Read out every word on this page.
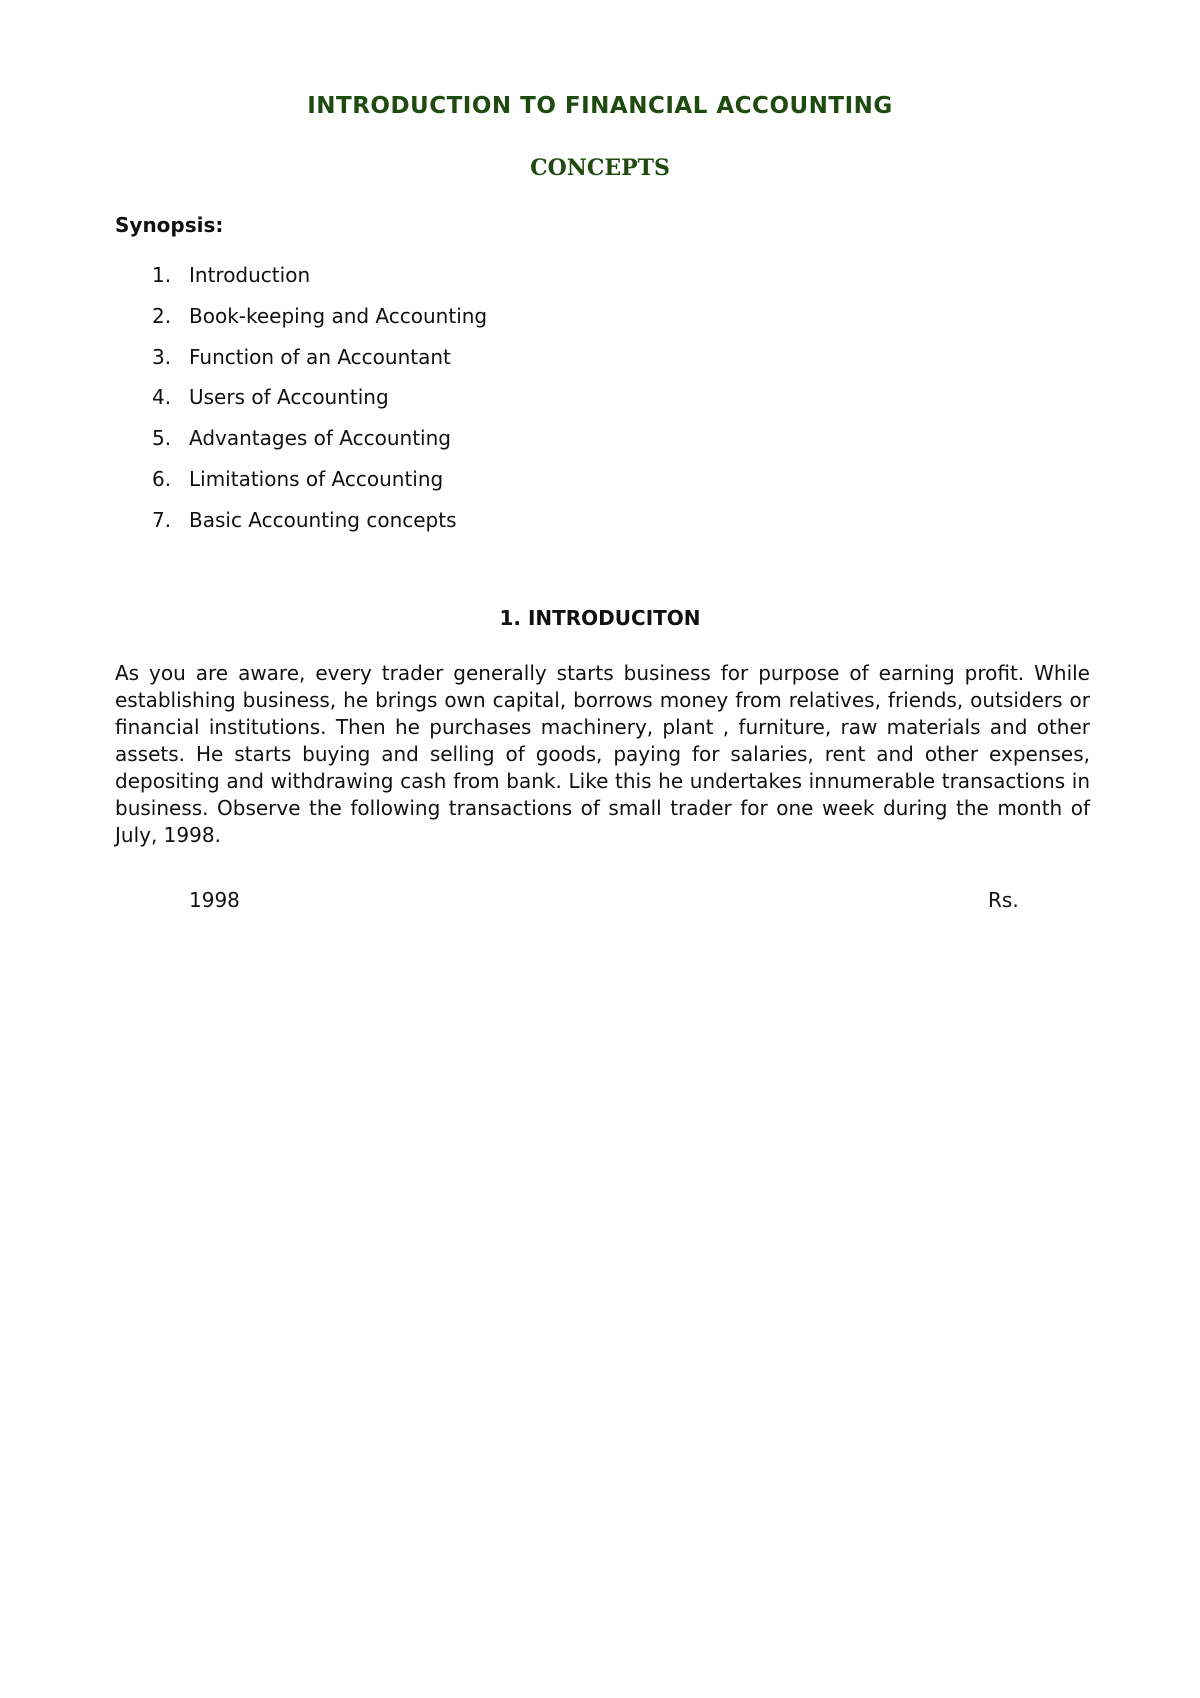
INTRODUCTION TO FINANCIAL ACCOUNTING
CONCEPTS

Synopsis:

1. Introduction
2. Book-keeping and Accounting
3. Function of an Accountant
4. Users of Accounting
5. Advantages of Accounting
6. Limitations of Accounting
7. Basic Accounting concepts
1. INTRODUCITON

As you are aware, every trader generally starts business for purpose of earning profit. While establishing business, he brings own capital, borrows money from relatives, friends, outsiders or financial institutions. Then he purchases machinery, plant , furniture, raw materials and other assets. He starts buying and selling of goods, paying for salaries, rent and other expenses, depositing and withdrawing cash from bank. Like this he undertakes innumerable transactions in business. Observe the following transactions of small trader for one week during the month of July, 1998.

1998	Rs.
